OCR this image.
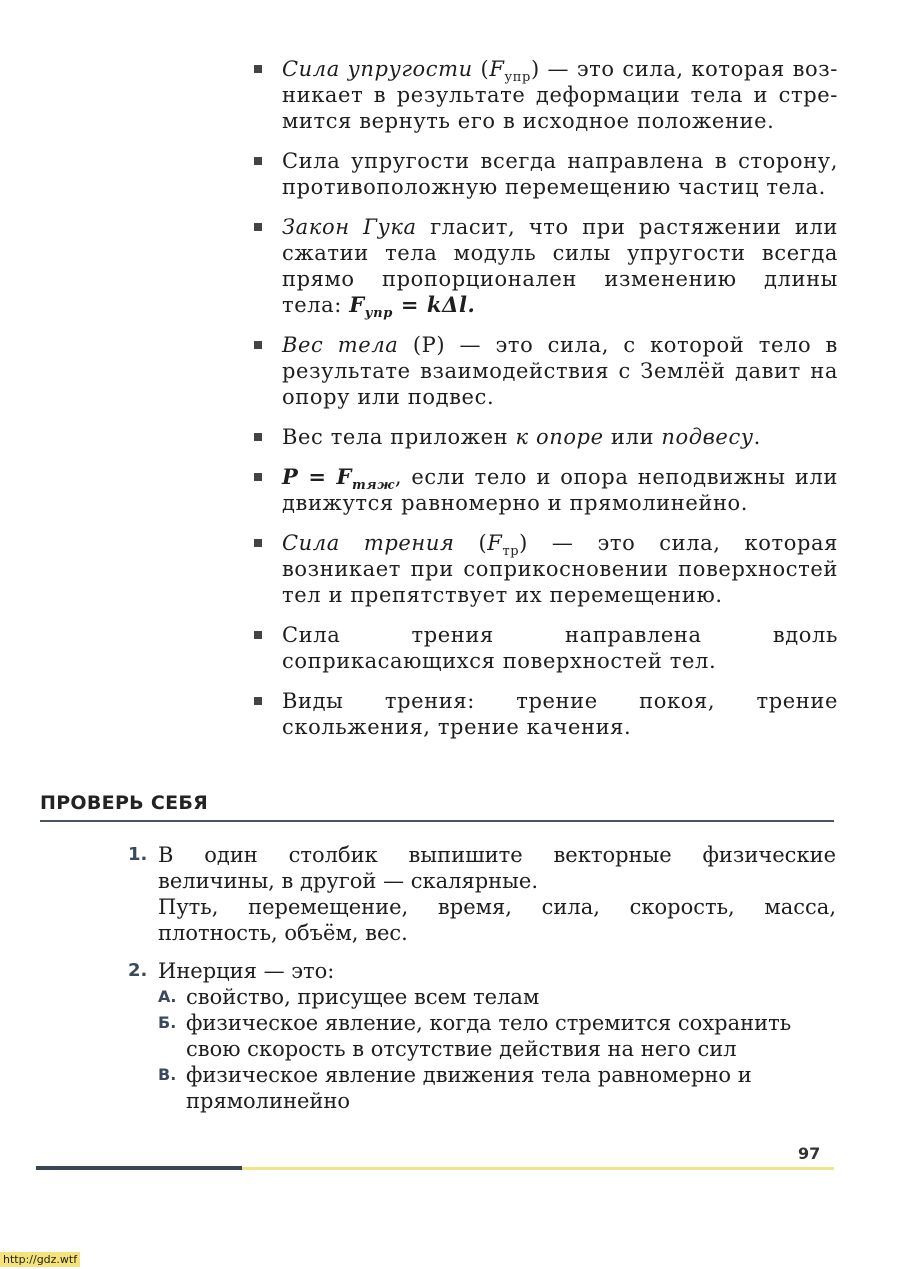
Сила упругости $(F_{упр})$ — это сила, которая воз- никает в результате деформации тела и стре- мится вернуть его в исходное положение.
Сила упругости всегда направлена в сторону, противоположную перемещению частиц тела.
Закон Гука гласит, что при растяжении или сжатии тела модуль силы упругости всегда прямо пропорционален изменению длины тела: $F_{упр} = k\Delta l$.
Вес тела (P) — это сила, с которой тело в результате взаимодействия с Землёй давит на опору или подвес.
Вес тела приложен к опоре или подвесу.
$P = F_{тяж}$, если тело и опора неподвижны или движутся равномерно и прямолинейно.
Сила трения $(F_{тр})$ — это сила, которая возникает при соприкосновении поверхностей тел и препятствует их перемещению.
Сила трения направлена вдоль соприкасающихся поверхностей тел.
Виды трения: трение покоя, трение скольжения, трение качения.
ПРОВЕРЬ СЕБЯ
1. В один столбик выпишите векторные физические величины, в другой — скалярные.
Путь, перемещение, время, сила, скорость, масса, плотность, объём, вес.
2. Инерция — это:
А. свойство, присущее всем телам
Б. физическое явление, когда тело стремится сохранить свою скорость в отсутствие действия на него сил
В. физическое явление движения тела равномерно и прямолинейно
97
http://gdz.wtf
